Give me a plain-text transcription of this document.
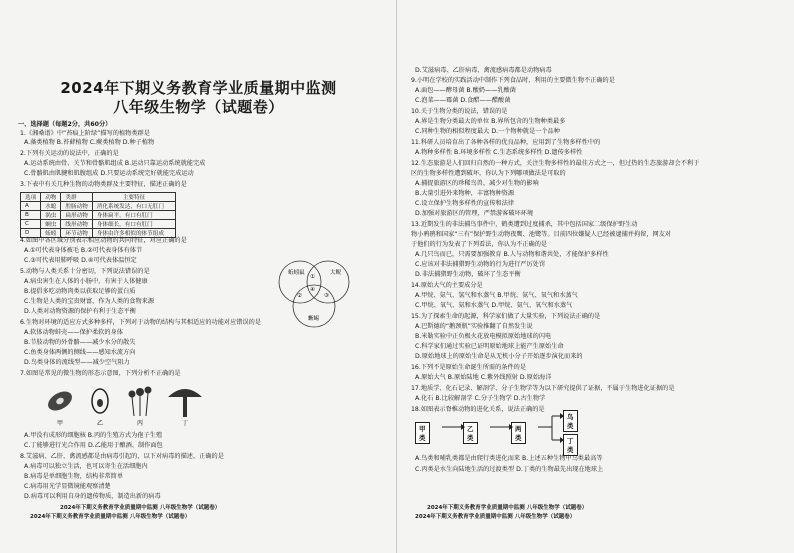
2024年下期义务教育学业质量期中监测
八年级生物学（试题卷）
一、选择题（每题2分，共60分）
1.《湘桑谱》中“苔痕上阶绿”描写的植物类群是
A.藻类植物 B.苔藓植物 C.蕨类植物 D.种子植物
2.下列有关运动的说法中，正确的是
A.运动系统由骨、关节和骨骼肌组成 B.运动只靠运动系统就能完成
C.骨骼肌由肌腱和肌腹组成 D.只要运动系统完好就能完成运动
3.下表中有关几种生物的动物类群及主要特征，描述正确的是
选项	动物	类群	主要特征
A	水螅	腔肠动物	消化系统发达，有口无肛门
B	涡虫	扁形动物	身体扁平，有口有肛门
C	蛔虫	线形动物	身体细长，有口有肛门
D	蚯蚓	环节动物	身体由许多相似的体节组成
4.如图中各区域分别表示相应动物的共同特征，对应正确的是
A.①可代表身体被毛 B.②可代表身体有体节
C.③可代表用肺呼吸 D.④可代表体温恒定
蚯蚓鼠	大鲵
蜥蜴
①
②	③
④
5.动物与人类关系十分密切，下列说法错误的是
A.病虫害生在人体的小肠中，有害于人体健康
B.提倡多吃动物肉类以获取足够的蛋白质
C.生物是人类的宝贵财富，作为人类的食物来源
D.人类对动物资源的保护有利于生态平衡
6.生物对环境的适应方式多种多样，下列对于动物的结构与其相适应的功能对应错误的是
A.软体动物蚌壳——保护柔软的身体
B.节肢动物的外骨骼——减少水分的散失
C.鱼类身体两侧的侧线——感知水流方向
D.鸟类身体的流线型——减少空气阻力
7.如图是常见的微生物的形态示意图，下列分析不正确的是
甲	乙	丙	丁
A.甲没有成形的细胞核 B.丙的生殖方式为孢子生殖
C.丁能够进行光合作用 D.乙能用于酿酒、制作面包
8.艾滋病、乙肝、禽流感都是由病毒引起的，以下对病毒的描述，正确的是
A.病毒可以独立生活，也可以寄生在活细胞内
B.病毒是单细胞生物，结构非常简单
C.病毒用光学显微镜能观察清楚
D.病毒可以利用自身的遗传物质，制造出新的病毒
2024年下期义务教育学业质量期中监测 八年级生物学（试题卷）
2024年下期义务教育学业质量期中监测 八年级生物学（试题卷）
D.艾滋病毒、乙肝病毒、禽流感病毒都是动物病毒
9.小明在学校的实践活动中制作下列食品时，利用的主要微生物不正确的是
A.面包——酵母菌 B.酸奶——乳酸菌
C.泡菜——霉菌 D.食醋——醋酸菌
10.关于生物分类的说法，错误的是
A.界是生物分类最大的单位 B.界所包含的生物种类最多
C.同种生物的相似程度最大 D.一个物种就是一个品种
11.科研人员培育出了各种各样的优良品种，应用到了生物多样性中的
A.物种多样性 B.环境多样性 C.生态系统多样性 D.遗传多样性
12.生态旅游是人们回归自然的一种方式，关注生物多样性的最佳方式之一，但过热的生态旅游却会不利于
区的生物多样性遭到破坏，你认为下列哪项做法是可取的
A.捕捉旅游区的珍稀鸟兽，减少对生物的影响
B.大量引进外来物种，丰富物种资源
C.设立保护生物多样性的宣传和法律
D.加强对旅游区的管理，严禁游客破坏环境
13.近期发生的非法捕鸟事件中，鹤类遭到过度捕杀，其中包括国家二级保护野生动
物小鸦鹃和国家“三有”保护野生动物夜鹰、池鹭等。目前四位嫌疑人已经被逮捕并拘留，网友对
于他们的行为发表了下列看法，你认为不正确的是
A.几只鸟而已，只需要加强教育 B.人与动物和谐共处，才能保护多样性
C.应该对非法捕猎野生动物的行为进行严厉处罚
D.非法捕猎野生动物，破坏了生态平衡
14.原始大气的主要成分是
A.甲烷、氨气、氢气和水蒸气 B.甲烷、氨气、氧气和水蒸气
C.甲烷、氧气、氨和水蒸气 D.甲烷、氨气、氧气和水蒸气
15.为了探索生命的起源，科学家们做了大量实验，下列说法正确的是
A.巴斯德的“鹅颈瓶”实验推翻了自然发生说
B.米勒实验中正负极火花放电模拟原始地球的闪电
C.科学家们通过实验已证明原始地球上能产生原始生命
D.原始地球上的原始生命是从无机小分子开始逐步演化而来的
16.下列不是原始生命诞生所需的条件的是
A.原始大气 B.原始陆地 C.紫外线照射 D.原始海洋
17.地质学、化石记录、解剖学、分子生物学等为以下研究提供了证据，不属于生物进化证据的是
A.化石 B.比较解剖学 C.分子生物学 D.古生物学
18.如图表示脊椎动物的进化关系，说法正确的是
甲类
乙类
两类
鸟类
丁类
A.鸟类和哺乳类都是由爬行类进化而来 B.上述五种生物中乌类最高等
C.丙类是水生向陆地生活的过渡类型 D.丁类的生物最先出现在地球上
2024年下期义务教育学业质量期中监测 八年级生物学（试题卷）
2024年下期义务教育学业质量期中监测 八年级生物学（试题卷）
